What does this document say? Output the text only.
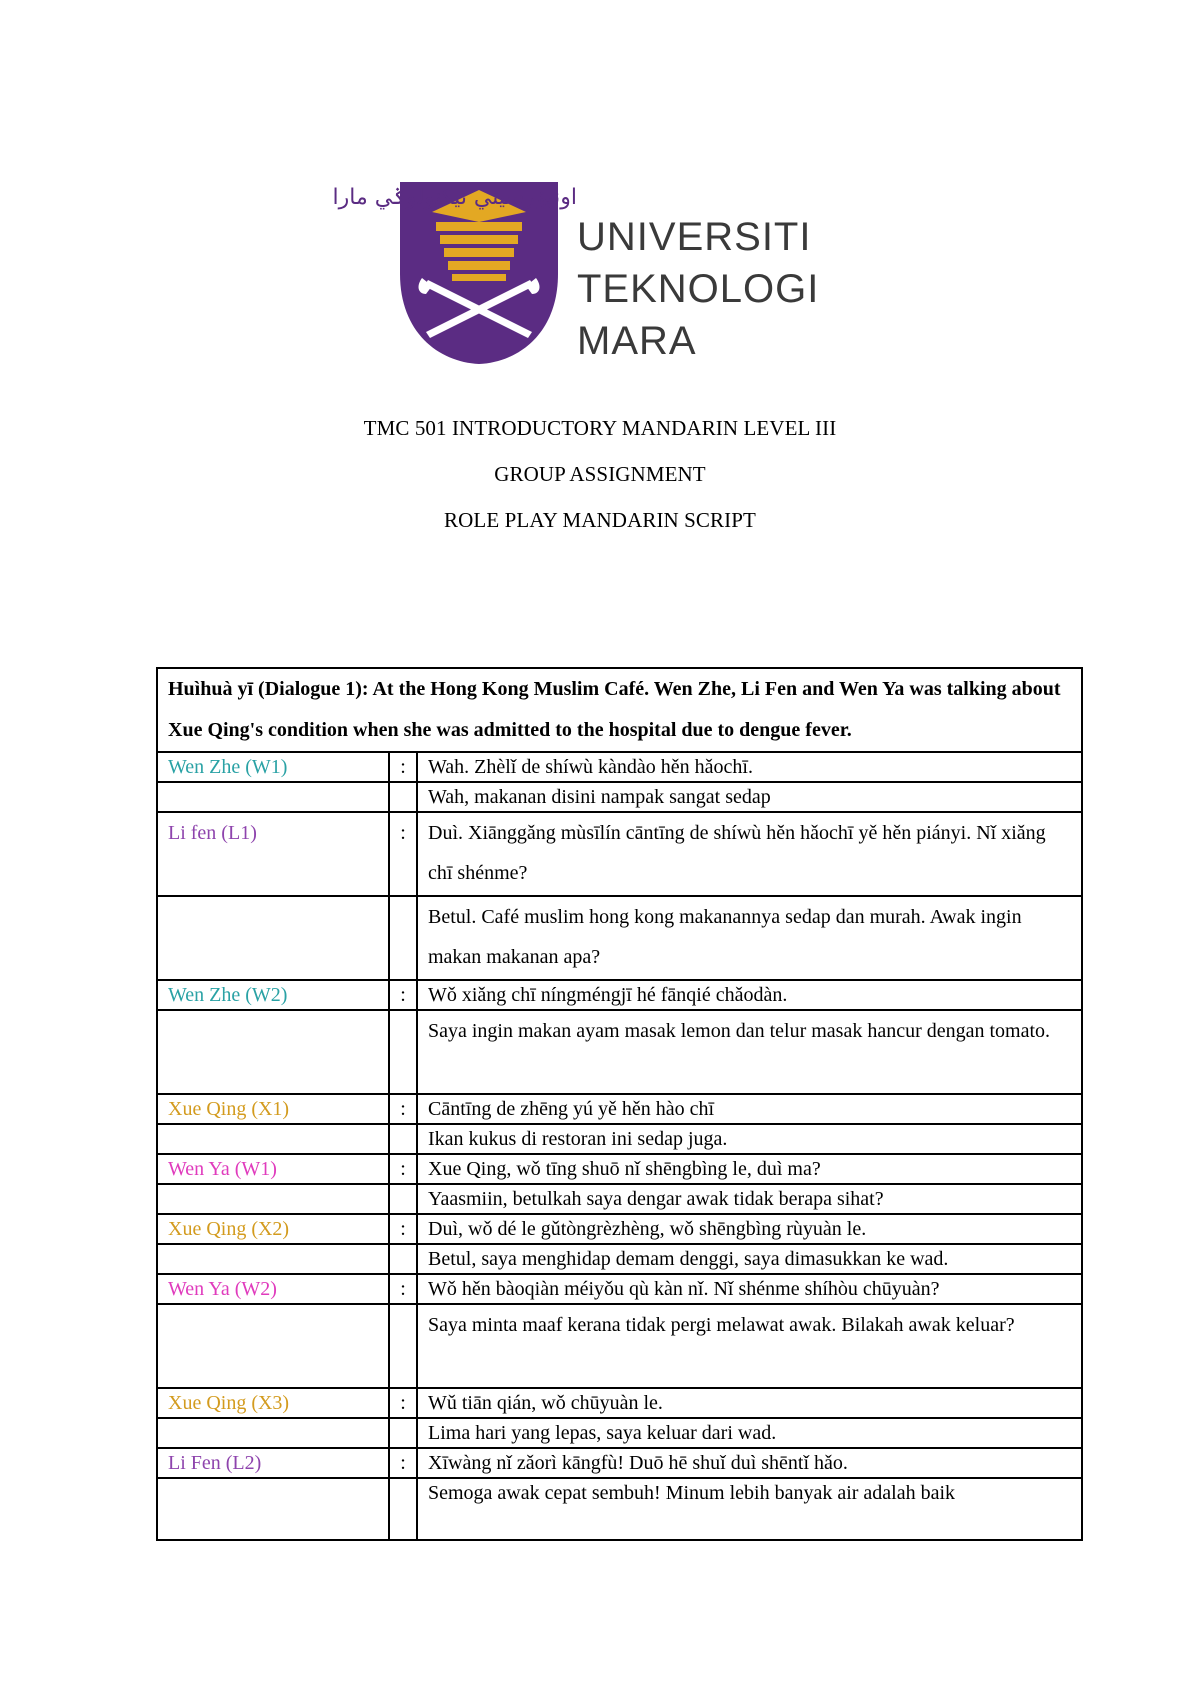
اونيۏرسيتي تيكنولوݢي مارا
UNIVERSITI
TEKNOLOGI
MARA
TMC 501 INTRODUCTORY MANDARIN LEVEL III
GROUP ASSIGNMENT
ROLE PLAY MANDARIN SCRIPT
Huìhuà yī (Dialogue 1): At the Hong Kong Muslim Café. Wen Zhe, Li Fen and Wen Ya was talking about Xue Qing's condition when she was admitted to the hospital due to dengue fever.		
Wen Zhe (W1)	:	Wah. Zhèlǐ de shíwù kàndào hěn hǎochī.
		Wah, makanan disini nampak sangat sedap
Li fen (L1)	:	Duì. Xiānggǎng mùsīlín cāntīng de shíwù hěn hǎochī yě hěn piányi. Nǐ xiǎng chī shénme?
		Betul. Café muslim hong kong makanannya sedap dan murah. Awak ingin makan makanan apa?
Wen Zhe (W2)	:	Wǒ xiǎng chī níngméngjī hé fānqié chǎodàn.
		Saya ingin makan ayam masak lemon dan telur masak hancur dengan tomato.
Xue Qing (X1)	:	Cāntīng de zhēng yú yě hěn hào chī
		Ikan kukus di restoran ini sedap juga.
Wen Ya (W1)	:	Xue Qing, wǒ tīng shuō nǐ shēngbìng le, duì ma?
		Yaasmiin, betulkah saya dengar awak tidak berapa sihat?
Xue Qing (X2)	:	Duì, wǒ dé le gǔtòngrèzhèng, wǒ shēngbìng rùyuàn le.
		Betul, saya menghidap demam denggi, saya dimasukkan ke wad.
Wen Ya (W2)	:	Wǒ hěn bàoqiàn méiyǒu qù kàn nǐ. Nǐ shénme shíhòu chūyuàn?
		Saya minta maaf kerana tidak pergi melawat awak. Bilakah awak keluar?
Xue Qing (X3)	:	Wǔ tiān qián, wǒ chūyuàn le.
		Lima hari yang lepas, saya keluar dari wad.
Li Fen (L2)	:	Xīwàng nǐ zǎorì kāngfù! Duō hē shuǐ duì shēntǐ hǎo.
		Semoga awak cepat sembuh! Minum lebih banyak air adalah baik
